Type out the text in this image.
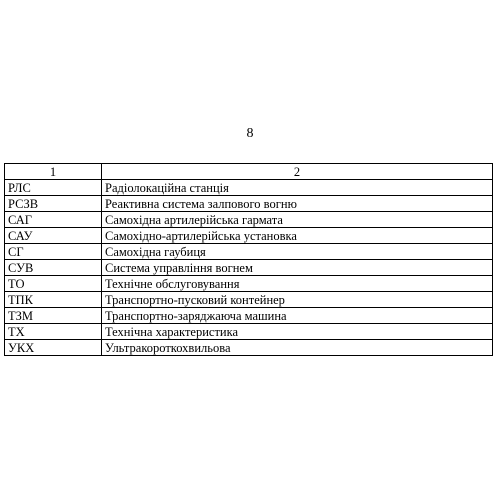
8
1	2
РЛС	Радіолокаційна станція
РСЗВ	Реактивна система залпового вогню
САГ	Самохідна артилерійська гармата
САУ	Самохідно-артилерійська установка
СГ	Самохідна гаубиця
СУВ	Система управління вогнем
ТО	Технічне обслуговування
ТПК	Транспортно-пусковий контейнер
ТЗМ	Транспортно-заряджаюча машина
ТХ	Технічна характеристика
УКХ	Ультракороткохвильова
